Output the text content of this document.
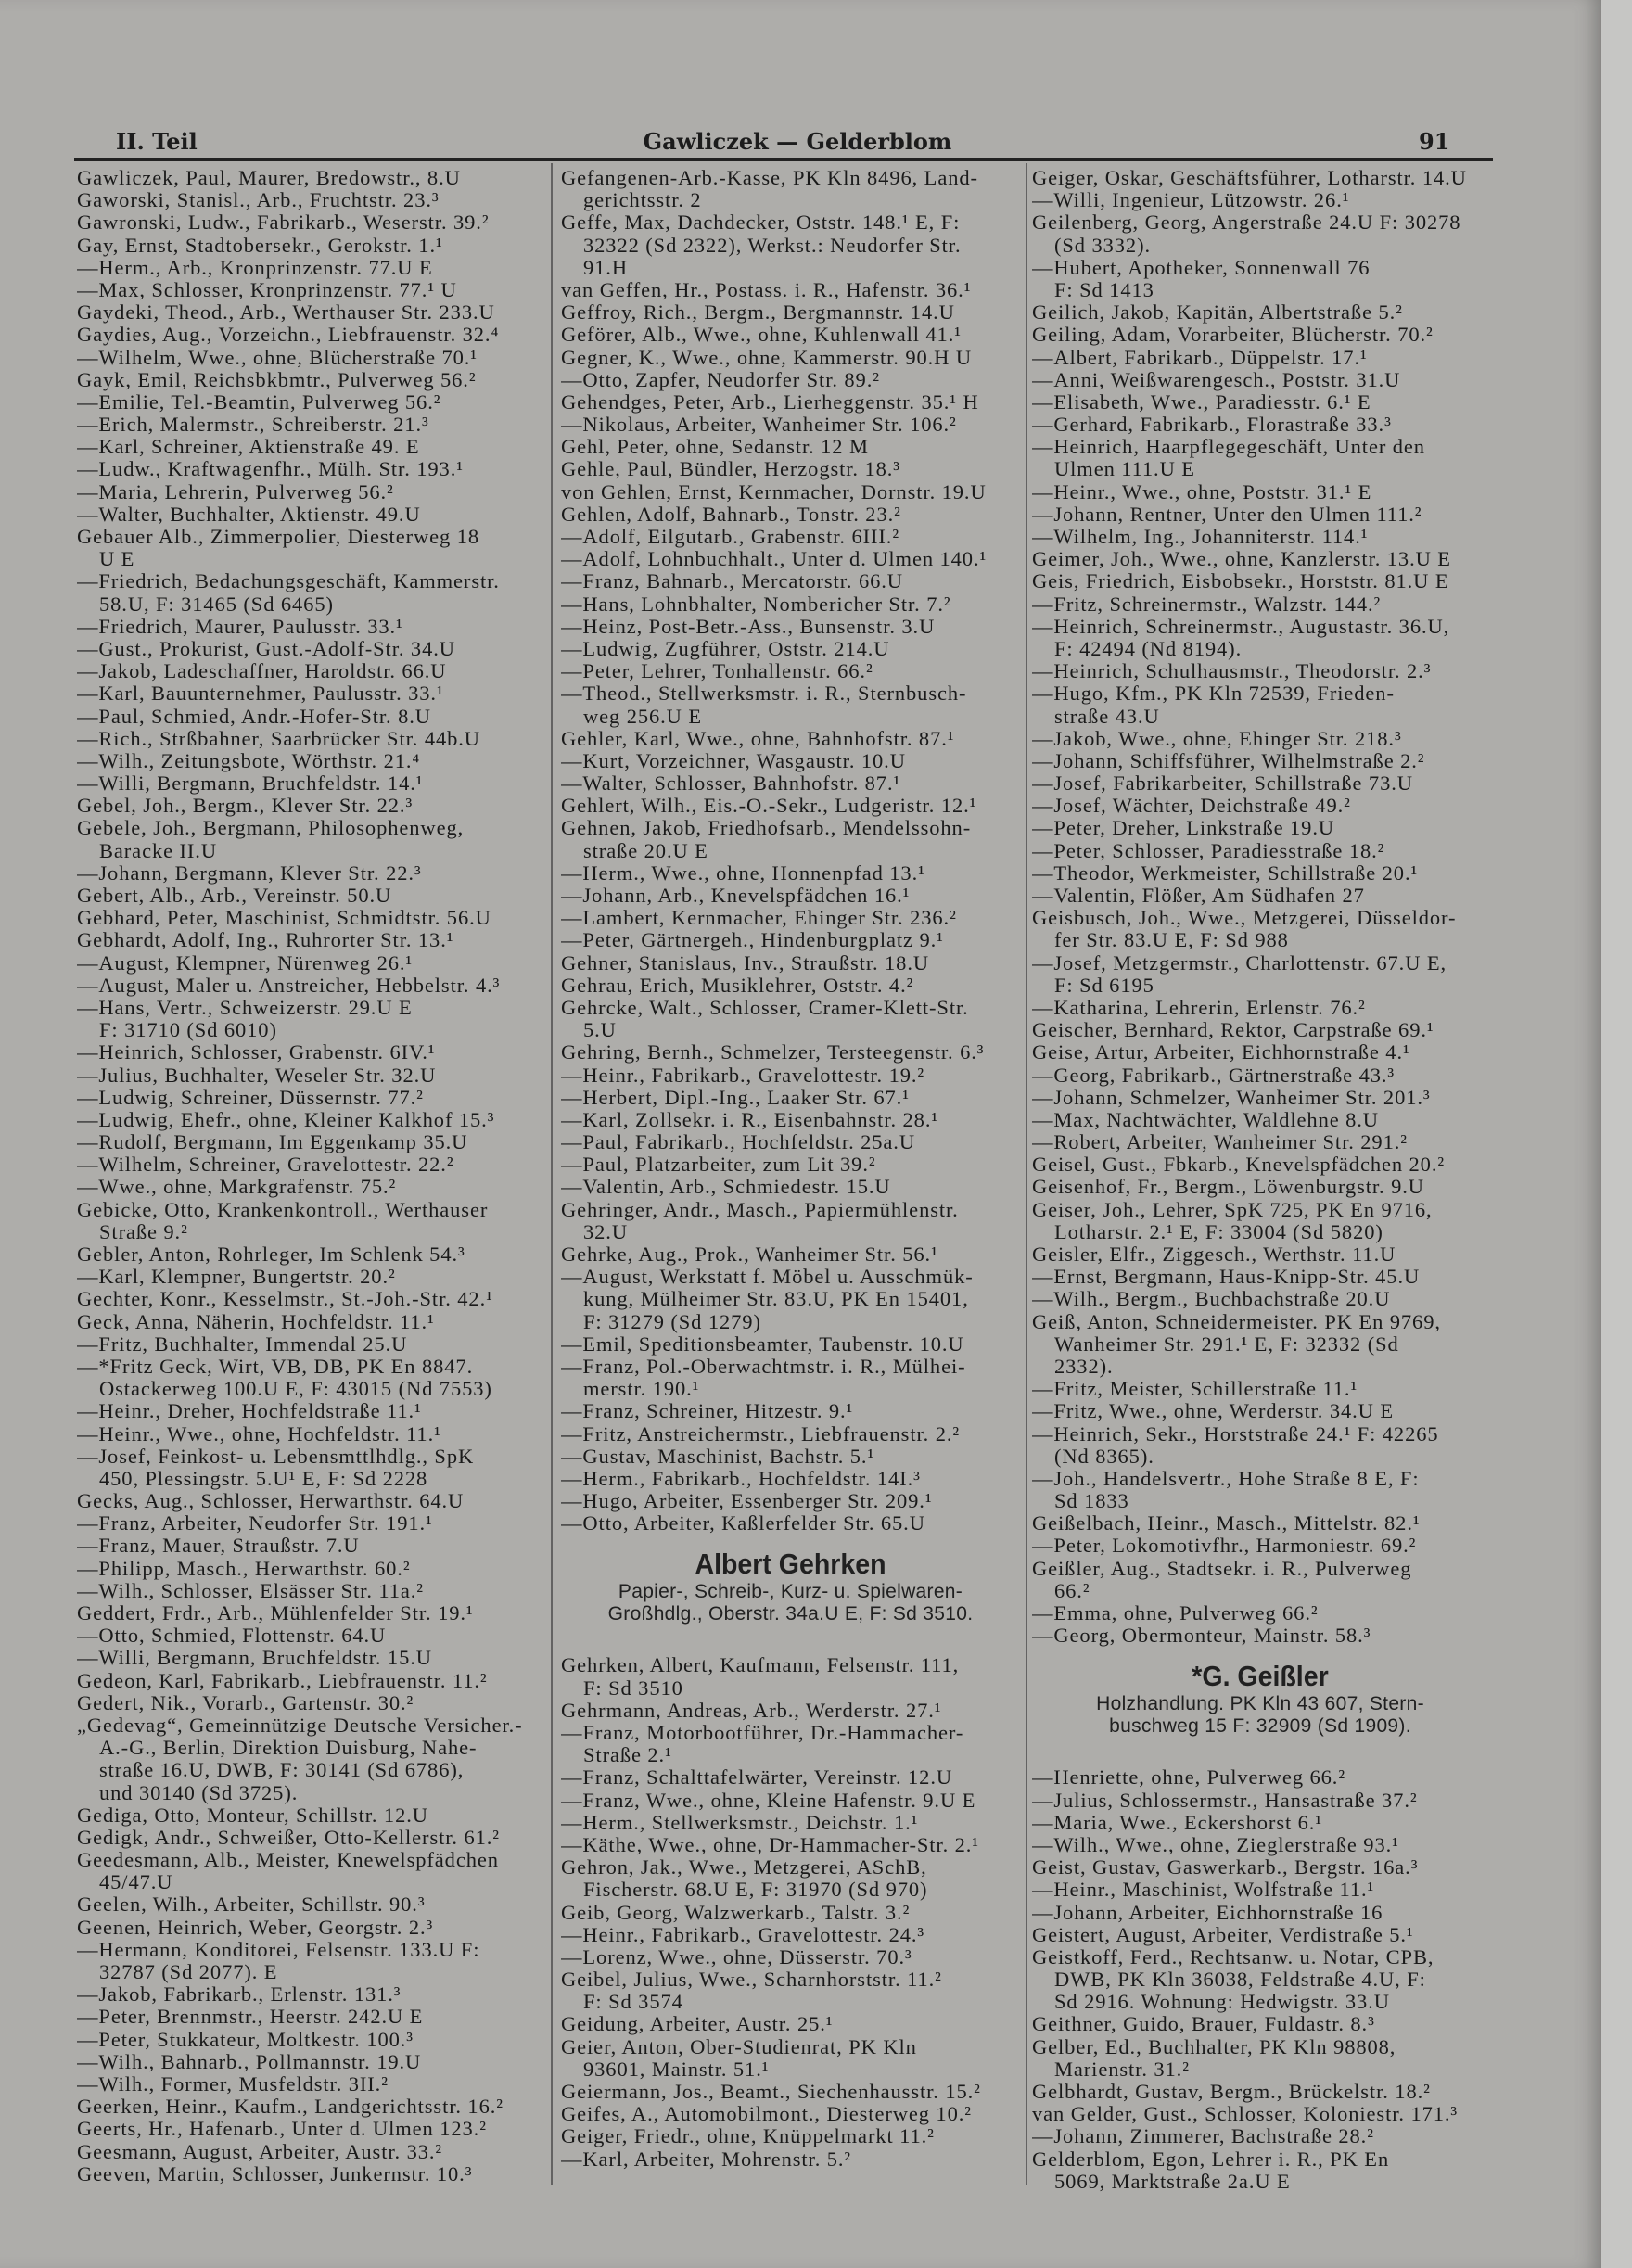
II. Teil	Gawliczek — Gelderblom	91
Gawliczek, Paul, Maurer, Bredowstr., 8.U
Gaworski, Stanisl., Arb., Fruchtstr. 23.³
Gawronski, Ludw., Fabrikarb., Weserstr. 39.²
Gay, Ernst, Stadtobersekr., Gerokstr. 1.¹
—Herm., Arb., Kronprinzenstr. 77.U E
—Max, Schlosser, Kronprinzenstr. 77.¹ U
Gaydeki, Theod., Arb., Werthauser Str. 233.U
Gaydies, Aug., Vorzeichn., Liebfrauenstr. 32.⁴
—Wilhelm, Wwe., ohne, Blücherstraße 70.¹
Gayk, Emil, Reichsbkbmtr., Pulverweg 56.²
—Emilie, Tel.-Beamtin, Pulverweg 56.²
—Erich, Malermstr., Schreiberstr. 21.³
—Karl, Schreiner, Aktienstraße 49. E
—Ludw., Kraftwagenfhr., Mülh. Str. 193.¹
—Maria, Lehrerin, Pulverweg 56.²
—Walter, Buchhalter, Aktienstr. 49.U
Gebauer Alb., Zimmerpolier, Diesterweg 18
U E
—Friedrich, Bedachungsgeschäft, Kammerstr.
58.U, F: 31465 (Sd 6465)
—Friedrich, Maurer, Paulusstr. 33.¹
—Gust., Prokurist, Gust.-Adolf-Str. 34.U
—Jakob, Ladeschaffner, Haroldstr. 66.U
—Karl, Bauunternehmer, Paulusstr. 33.¹
—Paul, Schmied, Andr.-Hofer-Str. 8.U
—Rich., Strßbahner, Saarbrücker Str. 44b.U
—Wilh., Zeitungsbote, Wörthstr. 21.⁴
—Willi, Bergmann, Bruchfeldstr. 14.¹
Gebel, Joh., Bergm., Klever Str. 22.³
Gebele, Joh., Bergmann, Philosophenweg,
Baracke II.U
—Johann, Bergmann, Klever Str. 22.³
Gebert, Alb., Arb., Vereinstr. 50.U
Gebhard, Peter, Maschinist, Schmidtstr. 56.U
Gebhardt, Adolf, Ing., Ruhrorter Str. 13.¹
—August, Klempner, Nürenweg 26.¹
—August, Maler u. Anstreicher, Hebbelstr. 4.³
—Hans, Vertr., Schweizerstr. 29.U E
F: 31710 (Sd 6010)
—Heinrich, Schlosser, Grabenstr. 6IV.¹
—Julius, Buchhalter, Weseler Str. 32.U
—Ludwig, Schreiner, Düssernstr. 77.²
—Ludwig, Ehefr., ohne, Kleiner Kalkhof 15.³
—Rudolf, Bergmann, Im Eggenkamp 35.U
—Wilhelm, Schreiner, Gravelottestr. 22.²
—Wwe., ohne, Markgrafenstr. 75.²
Gebicke, Otto, Krankenkontroll., Werthauser
Straße 9.²
Gebler, Anton, Rohrleger, Im Schlenk 54.³
—Karl, Klempner, Bungertstr. 20.²
Gechter, Konr., Kesselmstr., St.-Joh.-Str. 42.¹
Geck, Anna, Näherin, Hochfeldstr. 11.¹
—Fritz, Buchhalter, Immendal 25.U
—*Fritz Geck, Wirt, VB, DB, PK En 8847.
Ostackerweg 100.U E, F: 43015 (Nd 7553)
—Heinr., Dreher, Hochfeldstraße 11.¹
—Heinr., Wwe., ohne, Hochfeldstr. 11.¹
—Josef, Feinkost- u. Lebensmttlhdlg., SpK
450, Plessingstr. 5.U¹ E, F: Sd 2228
Gecks, Aug., Schlosser, Herwarthstr. 64.U
—Franz, Arbeiter, Neudorfer Str. 191.¹
—Franz, Mauer, Straußstr. 7.U
—Philipp, Masch., Herwarthstr. 60.²
—Wilh., Schlosser, Elsässer Str. 11a.²
Geddert, Frdr., Arb., Mühlenfelder Str. 19.¹
—Otto, Schmied, Flottenstr. 64.U
—Willi, Bergmann, Bruchfeldstr. 15.U
Gedeon, Karl, Fabrikarb., Liebfrauenstr. 11.²
Gedert, Nik., Vorarb., Gartenstr. 30.²
„Gedevag“, Gemeinnützige Deutsche Versicher.-
A.-G., Berlin, Direktion Duisburg, Nahe-
straße 16.U, DWB, F: 30141 (Sd 6786),
und 30140 (Sd 3725).
Gediga, Otto, Monteur, Schillstr. 12.U
Gedigk, Andr., Schweißer, Otto-Kellerstr. 61.²
Geedesmann, Alb., Meister, Knewelspfädchen
45/47.U
Geelen, Wilh., Arbeiter, Schillstr. 90.³
Geenen, Heinrich, Weber, Georgstr. 2.³
—Hermann, Konditorei, Felsenstr. 133.U F:
32787 (Sd 2077). E
—Jakob, Fabrikarb., Erlenstr. 131.³
—Peter, Brennmstr., Heerstr. 242.U E
—Peter, Stukkateur, Moltkestr. 100.³
—Wilh., Bahnarb., Pollmannstr. 19.U
—Wilh., Former, Musfeldstr. 3II.²
Geerken, Heinr., Kaufm., Landgerichtsstr. 16.²
Geerts, Hr., Hafenarb., Unter d. Ulmen 123.²
Geesmann, August, Arbeiter, Austr. 33.²
Geeven, Martin, Schlosser, Junkernstr. 10.³
Gefangenen-Arb.-Kasse, PK Kln 8496, Land-
gerichtsstr. 2
Geffe, Max, Dachdecker, Oststr. 148.¹ E, F:
32322 (Sd 2322), Werkst.: Neudorfer Str.
91.H
van Geffen, Hr., Postass. i. R., Hafenstr. 36.¹
Geffroy, Rich., Bergm., Bergmannstr. 14.U
Geförer, Alb., Wwe., ohne, Kuhlenwall 41.¹
Gegner, K., Wwe., ohne, Kammerstr. 90.H U
—Otto, Zapfer, Neudorfer Str. 89.²
Gehendges, Peter, Arb., Lierheggenstr. 35.¹ H
—Nikolaus, Arbeiter, Wanheimer Str. 106.²
Gehl, Peter, ohne, Sedanstr. 12 M
Gehle, Paul, Bündler, Herzogstr. 18.³
von Gehlen, Ernst, Kernmacher, Dornstr. 19.U
Gehlen, Adolf, Bahnarb., Tonstr. 23.²
—Adolf, Eilgutarb., Grabenstr. 6III.²
—Adolf, Lohnbuchhalt., Unter d. Ulmen 140.¹
—Franz, Bahnarb., Mercatorstr. 66.U
—Hans, Lohnbhalter, Nombericher Str. 7.²
—Heinz, Post-Betr.-Ass., Bunsenstr. 3.U
—Ludwig, Zugführer, Oststr. 214.U
—Peter, Lehrer, Tonhallenstr. 66.²
—Theod., Stellwerksmstr. i. R., Sternbusch-
weg 256.U E
Gehler, Karl, Wwe., ohne, Bahnhofstr. 87.¹
—Kurt, Vorzeichner, Wasgaustr. 10.U
—Walter, Schlosser, Bahnhofstr. 87.¹
Gehlert, Wilh., Eis.-O.-Sekr., Ludgeristr. 12.¹
Gehnen, Jakob, Friedhofsarb., Mendelssohn-
straße 20.U E
—Herm., Wwe., ohne, Honnenpfad 13.¹
—Johann, Arb., Knevelspfädchen 16.¹
—Lambert, Kernmacher, Ehinger Str. 236.²
—Peter, Gärtnergeh., Hindenburgplatz 9.¹
Gehner, Stanislaus, Inv., Straußstr. 18.U
Gehrau, Erich, Musiklehrer, Oststr. 4.²
Gehrcke, Walt., Schlosser, Cramer-Klett-Str.
5.U
Gehring, Bernh., Schmelzer, Tersteegenstr. 6.³
—Heinr., Fabrikarb., Gravelottestr. 19.²
—Herbert, Dipl.-Ing., Laaker Str. 67.¹
—Karl, Zollsekr. i. R., Eisenbahnstr. 28.¹
—Paul, Fabrikarb., Hochfeldstr. 25a.U
—Paul, Platzarbeiter, zum Lit 39.²
—Valentin, Arb., Schmiedestr. 15.U
Gehringer, Andr., Masch., Papiermühlenstr.
32.U
Gehrke, Aug., Prok., Wanheimer Str. 56.¹
—August, Werkstatt f. Möbel u. Ausschmük-
kung, Mülheimer Str. 83.U, PK En 15401,
F: 31279 (Sd 1279)
—Emil, Speditionsbeamter, Taubenstr. 10.U
—Franz, Pol.-Oberwachtmstr. i. R., Mülhei-
merstr. 190.¹
—Franz, Schreiner, Hitzestr. 9.¹
—Fritz, Anstreichermstr., Liebfrauenstr. 2.²
—Gustav, Maschinist, Bachstr. 5.¹
—Herm., Fabrikarb., Hochfeldstr. 14I.³
—Hugo, Arbeiter, Essenberger Str. 209.¹
—Otto, Arbeiter, Kaßlerfelder Str. 65.U
Albert Gehrken
Papier-, Schreib-, Kurz- u. Spielwaren-
Großhdlg., Oberstr. 34a.U E, F: Sd 3510.
Gehrken, Albert, Kaufmann, Felsenstr. 111,
F: Sd 3510
Gehrmann, Andreas, Arb., Werderstr. 27.¹
—Franz, Motorbootführer, Dr.-Hammacher-
Straße 2.¹
—Franz, Schalttafelwärter, Vereinstr. 12.U
—Franz, Wwe., ohne, Kleine Hafenstr. 9.U E
—Herm., Stellwerksmstr., Deichstr. 1.¹
—Käthe, Wwe., ohne, Dr-Hammacher-Str. 2.¹
Gehron, Jak., Wwe., Metzgerei, ASchB,
Fischerstr. 68.U E, F: 31970 (Sd 970)
Geib, Georg, Walzwerkarb., Talstr. 3.²
—Heinr., Fabrikarb., Gravelottestr. 24.³
—Lorenz, Wwe., ohne, Düsserstr. 70.³
Geibel, Julius, Wwe., Scharnhorststr. 11.²
F: Sd 3574
Geidung, Arbeiter, Austr. 25.¹
Geier, Anton, Ober-Studienrat, PK Kln
93601, Mainstr. 51.¹
Geiermann, Jos., Beamt., Siechenhausstr. 15.²
Geifes, A., Automobilmont., Diesterweg 10.²
Geiger, Friedr., ohne, Knüppelmarkt 11.²
—Karl, Arbeiter, Mohrenstr. 5.²
Geiger, Oskar, Geschäftsführer, Lotharstr. 14.U
—Willi, Ingenieur, Lützowstr. 26.¹
Geilenberg, Georg, Angerstraße 24.U F: 30278
(Sd 3332).
—Hubert, Apotheker, Sonnenwall 76
F: Sd 1413
Geilich, Jakob, Kapitän, Albertstraße 5.²
Geiling, Adam, Vorarbeiter, Blücherstr. 70.²
—Albert, Fabrikarb., Düppelstr. 17.¹
—Anni, Weißwarengesch., Poststr. 31.U
—Elisabeth, Wwe., Paradiesstr. 6.¹ E
—Gerhard, Fabrikarb., Florastraße 33.³
—Heinrich, Haarpflegegeschäft, Unter den
Ulmen 111.U E
—Heinr., Wwe., ohne, Poststr. 31.¹ E
—Johann, Rentner, Unter den Ulmen 111.²
—Wilhelm, Ing., Johanniterstr. 114.¹
Geimer, Joh., Wwe., ohne, Kanzlerstr. 13.U E
Geis, Friedrich, Eisbobsekr., Horststr. 81.U E
—Fritz, Schreinermstr., Walzstr. 144.²
—Heinrich, Schreinermstr., Augustastr. 36.U,
F: 42494 (Nd 8194).
—Heinrich, Schulhausmstr., Theodorstr. 2.³
—Hugo, Kfm., PK Kln 72539, Frieden-
straße 43.U
—Jakob, Wwe., ohne, Ehinger Str. 218.³
—Johann, Schiffsführer, Wilhelmstraße 2.²
—Josef, Fabrikarbeiter, Schillstraße 73.U
—Josef, Wächter, Deichstraße 49.²
—Peter, Dreher, Linkstraße 19.U
—Peter, Schlosser, Paradiesstraße 18.²
—Theodor, Werkmeister, Schillstraße 20.¹
—Valentin, Flößer, Am Südhafen 27
Geisbusch, Joh., Wwe., Metzgerei, Düsseldor-
fer Str. 83.U E, F: Sd 988
—Josef, Metzgermstr., Charlottenstr. 67.U E,
F: Sd 6195
—Katharina, Lehrerin, Erlenstr. 76.²
Geischer, Bernhard, Rektor, Carpstraße 69.¹
Geise, Artur, Arbeiter, Eichhornstraße 4.¹
—Georg, Fabrikarb., Gärtnerstraße 43.³
—Johann, Schmelzer, Wanheimer Str. 201.³
—Max, Nachtwächter, Waldlehne 8.U
—Robert, Arbeiter, Wanheimer Str. 291.²
Geisel, Gust., Fbkarb., Knevelspfädchen 20.²
Geisenhof, Fr., Bergm., Löwenburgstr. 9.U
Geiser, Joh., Lehrer, SpK 725, PK En 9716,
Lotharstr. 2.¹ E, F: 33004 (Sd 5820)
Geisler, Elfr., Ziggesch., Werthstr. 11.U
—Ernst, Bergmann, Haus-Knipp-Str. 45.U
—Wilh., Bergm., Buchbachstraße 20.U
Geiß, Anton, Schneidermeister. PK En 9769,
Wanheimer Str. 291.¹ E, F: 32332 (Sd
2332).
—Fritz, Meister, Schillerstraße 11.¹
—Fritz, Wwe., ohne, Werderstr. 34.U E
—Heinrich, Sekr., Horststraße 24.¹ F: 42265
(Nd 8365).
—Joh., Handelsvertr., Hohe Straße 8 E, F:
Sd 1833
Geißelbach, Heinr., Masch., Mittelstr. 82.¹
—Peter, Lokomotivfhr., Harmoniestr. 69.²
Geißler, Aug., Stadtsekr. i. R., Pulverweg
66.²
—Emma, ohne, Pulverweg 66.²
—Georg, Obermonteur, Mainstr. 58.³
*G. Geißler
Holzhandlung. PK Kln 43 607, Stern-
buschweg 15 F: 32909 (Sd 1909).
—Henriette, ohne, Pulverweg 66.²
—Julius, Schlossermstr., Hansastraße 37.²
—Maria, Wwe., Eckershorst 6.¹
—Wilh., Wwe., ohne, Zieglerstraße 93.¹
Geist, Gustav, Gaswerkarb., Bergstr. 16a.³
—Heinr., Maschinist, Wolfstraße 11.¹
—Johann, Arbeiter, Eichhornstraße 16
Geistert, August, Arbeiter, Verdistraße 5.¹
Geistkoff, Ferd., Rechtsanw. u. Notar, CPB,
DWB, PK Kln 36038, Feldstraße 4.U, F:
Sd 2916. Wohnung: Hedwigstr. 33.U
Geithner, Guido, Brauer, Fuldastr. 8.³
Gelber, Ed., Buchhalter, PK Kln 98808,
Marienstr. 31.²
Gelbhardt, Gustav, Bergm., Brückelstr. 18.²
van Gelder, Gust., Schlosser, Koloniestr. 171.³
—Johann, Zimmerer, Bachstraße 28.²
Gelderblom, Egon, Lehrer i. R., PK En
5069, Marktstraße 2a.U E
